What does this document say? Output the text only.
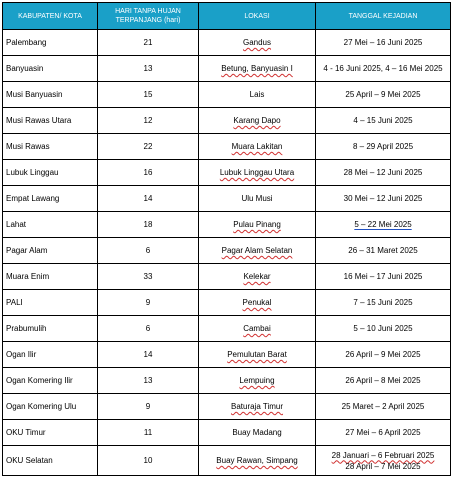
KABUPATEN/ KOTA	HARI TANPA HUJAN TERPANJANG (hari)	LOKASI	TANGGAL KEJADIAN
Palembang	21	Gandus	27 Mei – 16 Juni 2025
Banyuasin	13	Betung, Banyuasin I	4 - 16 Juni 2025, 4 – 16 Mei 2025
Musi Banyuasin	15	Lais	25 April – 9 Mei 2025
Musi Rawas Utara	12	Karang Dapo	4 – 15 Juni 2025
Musi Rawas	22	Muara Lakitan	8 – 29 April 2025
Lubuk Linggau	16	Lubuk Linggau Utara	28 Mei – 12 Juni 2025
Empat Lawang	14	Ulu Musi	30 Mei – 12 Juni 2025
Lahat	18	Pulau Pinang	5 – 22 Mei 2025
Pagar Alam	6	Pagar Alam Selatan	26 – 31 Maret 2025
Muara Enim	33	Kelekar	16 Mei – 17 Juni 2025
PALI	9	Penukal	7 – 15 Juni 2025
Prabumulih	6	Cambai	5 – 10 Juni 2025
Ogan Ilir	14	Pemulutan Barat	26 April – 9 Mei 2025
Ogan Komering Ilir	13	Lempuing	26 April – 8 Mei 2025
Ogan Komering Ulu	9	Baturaja Timur	25 Maret – 2 April 2025
OKU Timur	11	Buay Madang	27 Mei – 6 April 2025
OKU Selatan	10	Buay Rawan, Simpang	28 Januari – 6 Februari 2025
28 April – 7 Mei 2025
